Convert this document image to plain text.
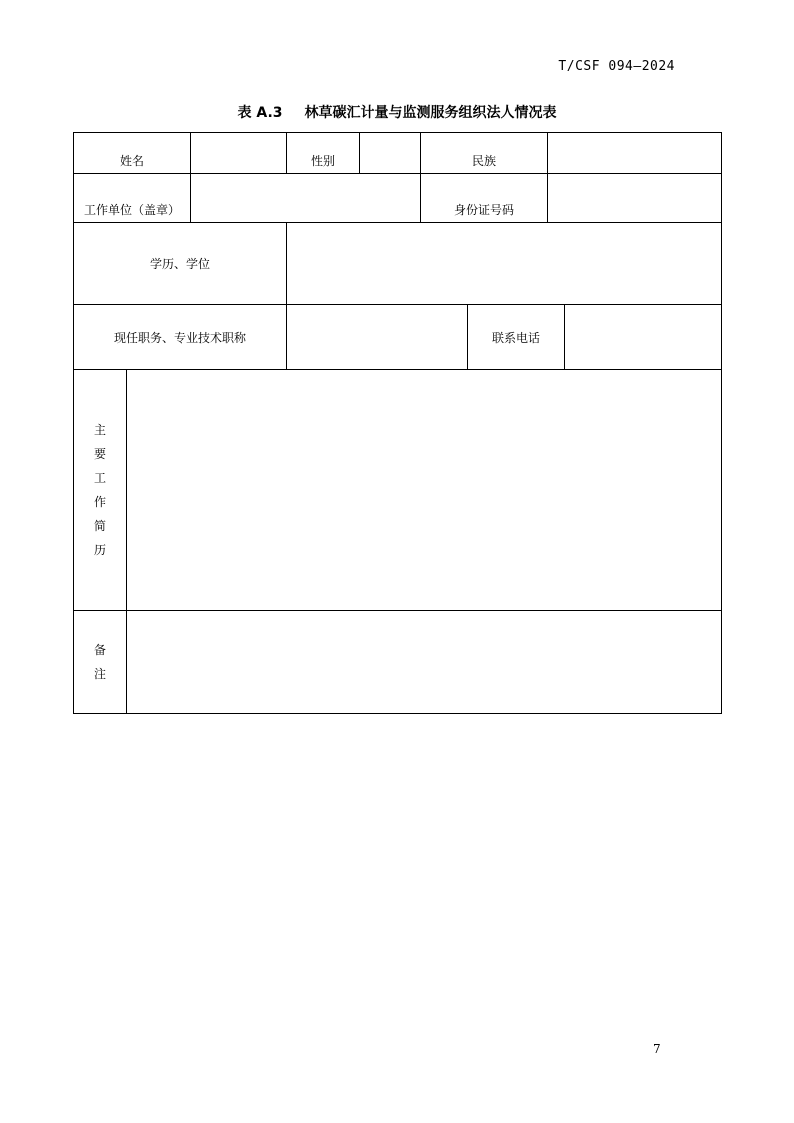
T/CSF 094—2024
表 A.3 林草碳汇计量与监测服务组织法人情况表
姓名			性别		民族			
工作单位（盖章）					身份证号码			
学历、学位								
现任职务、专业技术职称						联系电话		
主要工作简历								
备注								
7
